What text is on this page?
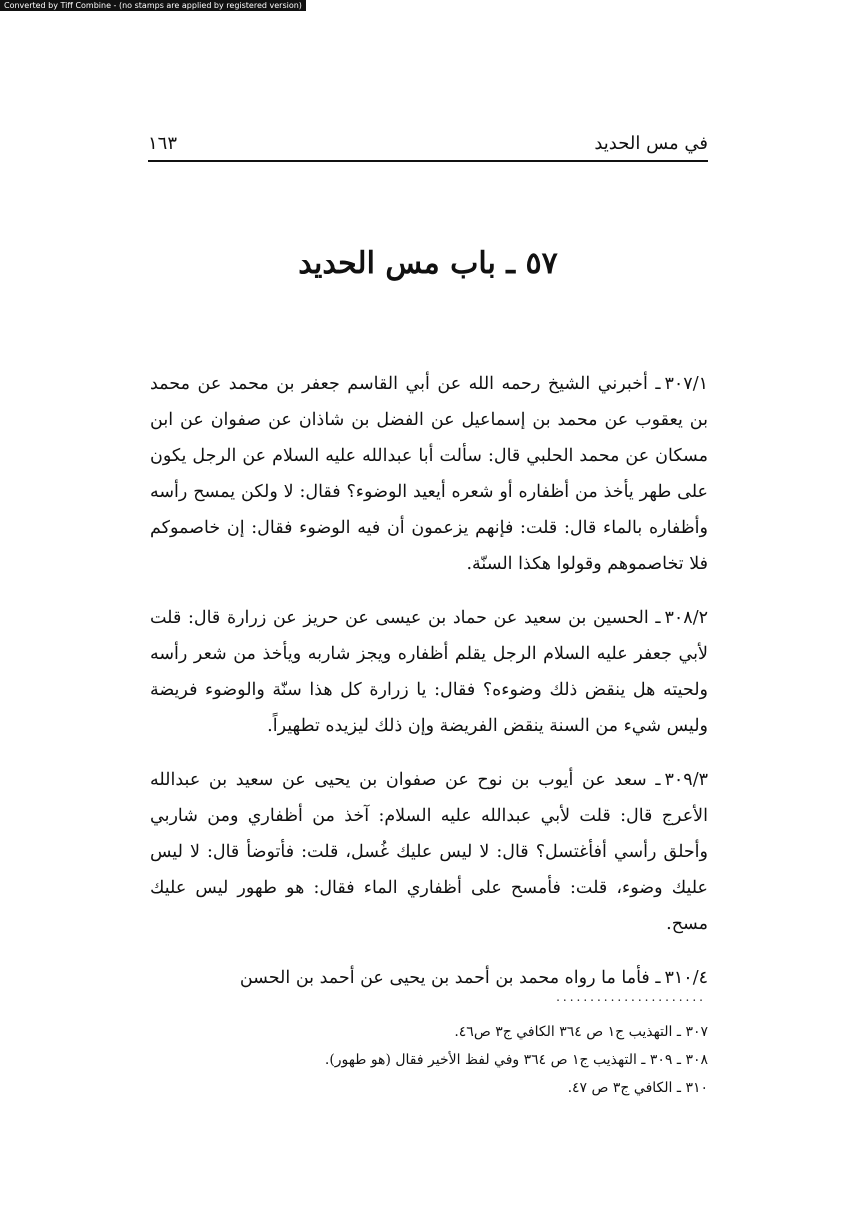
Converted by Tiff Combine - (no stamps are applied by registered version)
في مس الحديد
١٦٣
٥٧ ـ باب مس الحديد

٣٠٧/١ـ أخبرني الشيخ رحمه الله عن أبي القاسم جعفر بن محمد عن محمد بن يعقوب عن محمد بن إسماعيل عن الفضل بن شاذان عن صفوان عن ابن مسكان عن محمد الحلبي قال: سألت أبا عبدالله عليه السلام عن الرجل يكون على طهر يأخذ من أظفاره أو شعره أيعيد الوضوء؟ فقال: لا ولكن يمسح رأسه وأظفاره بالماء قال: قلت: فإنهم يزعمون أن فيه الوضوء فقال: إن خاصموكم فلا تخاصموهم وقولوا هكذا السنّة.

٣٠٨/٢ـ الحسين بن سعيد عن حماد بن عيسى عن حريز عن زرارة قال: قلت لأبي جعفر عليه السلام الرجل يقلم أظفاره ويجز شاربه ويأخذ من شعر رأسه ولحيته هل ينقض ذلك وضوءه؟ فقال: يا زرارة كل هذا سنّة والوضوء فريضة وليس شيء من السنة ينقض الفريضة وإن ذلك ليزيده تطهيراً.

٣٠٩/٣ـ سعد عن أيوب بن نوح عن صفوان بن يحيى عن سعيد بن عبدالله الأعرج قال: قلت لأبي عبدالله عليه السلام: آخذ من أظفاري ومن شاربي وأحلق رأسي أفأغتسل؟ قال: لا ليس عليك غُسل، قلت: فأتوضأ قال: لا ليس عليك وضوء، قلت: فأمسح على أظفاري الماء فقال: هو طهور ليس عليك مسح.

٣١٠/٤ـ فأما ما رواه محمد بن أحمد بن يحيى عن أحمد بن الحسن

......................
٣٠٧ ـ التهذيب ج١ ص ٣٦٤ الكافي ج٣ ص٤٦.
٣٠٨ ـ ٣٠٩ ـ التهذيب ج١ ص ٣٦٤ وفي لفظ الأخير فقال (هو طهور).
٣١٠ ـ الكافي ج٣ ص ٤٧.
